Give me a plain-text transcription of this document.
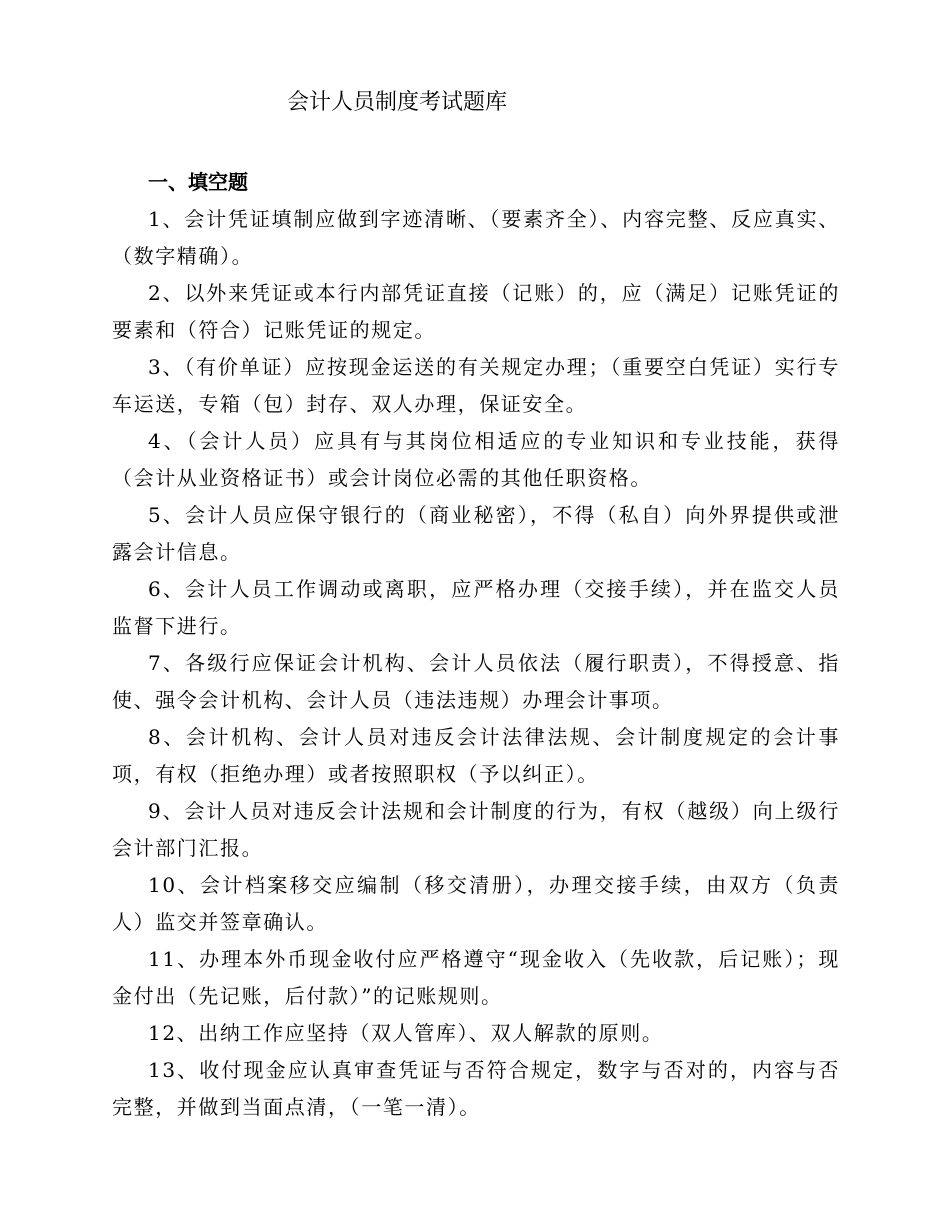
会计人员制度考试题库
一、填空题
1、会计凭证填制应做到字迹清晰、（要素齐全）、内容完整、反应真实、（数字精确）。
2、以外来凭证或本行内部凭证直接（记账）的，应（满足）记账凭证的要素和（符合）记账凭证的规定。
3、（有价单证）应按现金运送的有关规定办理；（重要空白凭证）实行专车运送，专箱（包）封存、双人办理，保证安全。
4、（会计人员）应具有与其岗位相适应的专业知识和专业技能，获得（会计从业资格证书）或会计岗位必需的其他任职资格。
5、会计人员应保守银行的（商业秘密），不得（私自）向外界提供或泄露会计信息。
6、会计人员工作调动或离职，应严格办理（交接手续），并在监交人员监督下进行。
7、各级行应保证会计机构、会计人员依法（履行职责），不得授意、指使、强令会计机构、会计人员（违法违规）办理会计事项。
8、会计机构、会计人员对违反会计法律法规、会计制度规定的会计事项，有权（拒绝办理）或者按照职权（予以纠正）。
9、会计人员对违反会计法规和会计制度的行为，有权（越级）向上级行会计部门汇报。
10、会计档案移交应编制（移交清册），办理交接手续，由双方（负责人）监交并签章确认。
11、办理本外币现金收付应严格遵守“现金收入（先收款，后记账）；现金付出（先记账，后付款）”的记账规则。
12、出纳工作应坚持（双人管库）、双人解款的原则。
13、收付现金应认真审查凭证与否符合规定，数字与否对的，内容与否完整，并做到当面点清，（一笔一清）。
